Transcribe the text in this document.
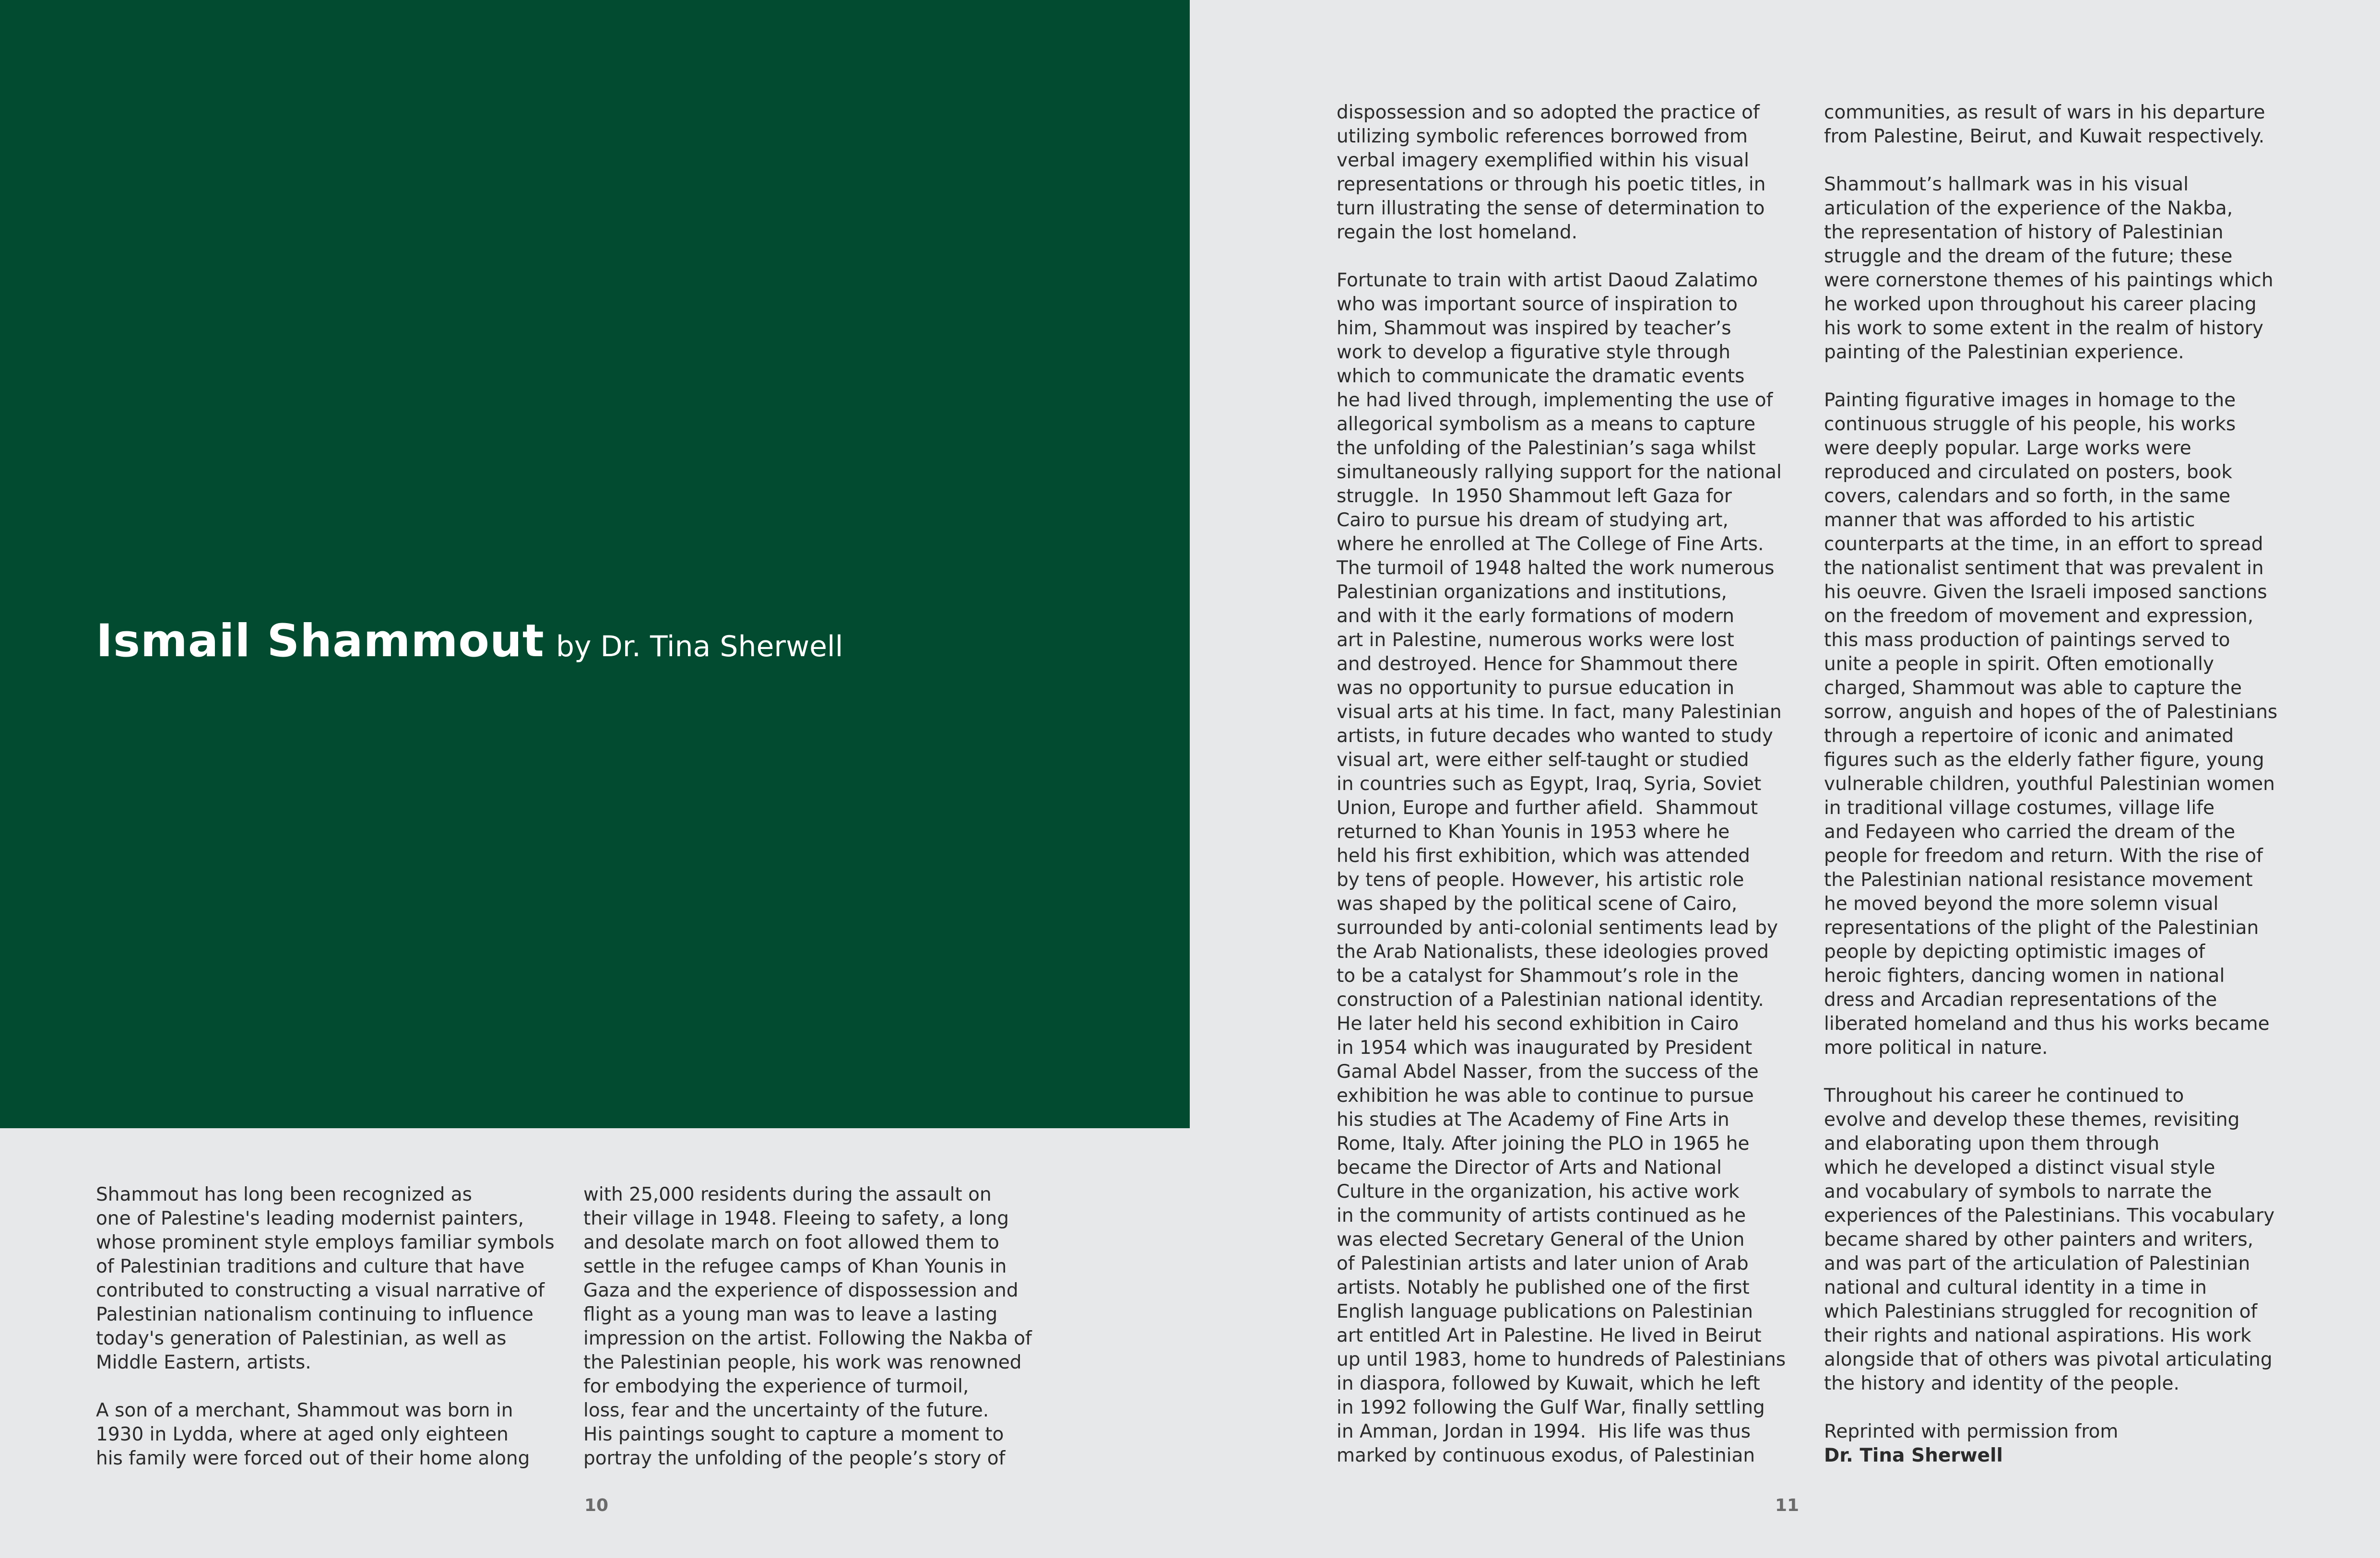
Ismail Shammout by Dr. Tina Sherwell

Shammout has long been recognized as
one of Palestine's leading modernist painters,
whose prominent style employs familiar symbols
of Palestinian traditions and culture that have
contributed to constructing a visual narrative of
Palestinian nationalism continuing to influence
today's generation of Palestinian, as well as
Middle Eastern, artists.

A son of a merchant, Shammout was born in
1930 in Lydda, where at aged only eighteen
his family were forced out of their home along

with 25,000 residents during the assault on
their village in 1948. Fleeing to safety, a long
and desolate march on foot allowed them to
settle in the refugee camps of Khan Younis in
Gaza and the experience of dispossession and
flight as a young man was to leave a lasting
impression on the artist. Following the Nakba of
the Palestinian people, his work was renowned
for embodying the experience of turmoil,
loss, fear and the uncertainty of the future.
His paintings sought to capture a moment to
portray the unfolding of the people’s story of

dispossession and so adopted the practice of
utilizing symbolic references borrowed from
verbal imagery exemplified within his visual
representations or through his poetic titles, in
turn illustrating the sense of determination to
regain the lost homeland.

Fortunate to train with artist Daoud Zalatimo
who was important source of inspiration to
him, Shammout was inspired by teacher’s
work to develop a figurative style through
which to communicate the dramatic events
he had lived through, implementing the use of
allegorical symbolism as a means to capture
the unfolding of the Palestinian’s saga whilst
simultaneously rallying support for the national
struggle.  In 1950 Shammout left Gaza for
Cairo to pursue his dream of studying art,
where he enrolled at The College of Fine Arts.
The turmoil of 1948 halted the work numerous
Palestinian organizations and institutions,
and with it the early formations of modern
art in Palestine, numerous works were lost
and destroyed. Hence for Shammout there
was no opportunity to pursue education in
visual arts at his time. In fact, many Palestinian
artists, in future decades who wanted to study
visual art, were either self-taught or studied
in countries such as Egypt, Iraq, Syria, Soviet
Union, Europe and further afield.  Shammout
returned to Khan Younis in 1953 where he
held his first exhibition, which was attended
by tens of people. However, his artistic role
was shaped by the political scene of Cairo,
surrounded by anti-colonial sentiments lead by
the Arab Nationalists, these ideologies proved
to be a catalyst for Shammout’s role in the
construction of a Palestinian national identity.
He later held his second exhibition in Cairo
in 1954 which was inaugurated by President
Gamal Abdel Nasser, from the success of the
exhibition he was able to continue to pursue
his studies at The Academy of Fine Arts in
Rome, Italy. After joining the PLO in 1965 he
became the Director of Arts and National
Culture in the organization, his active work
in the community of artists continued as he
was elected Secretary General of the Union
of Palestinian artists and later union of Arab
artists. Notably he published one of the first
English language publications on Palestinian
art entitled Art in Palestine. He lived in Beirut
up until 1983, home to hundreds of Palestinians
in diaspora, followed by Kuwait, which he left
in 1992 following the Gulf War, finally settling
in Amman, Jordan in 1994.  His life was thus
marked by continuous exodus, of Palestinian

communities, as result of wars in his departure
from Palestine, Beirut, and Kuwait respectively.

Shammout’s hallmark was in his visual
articulation of the experience of the Nakba,
the representation of history of Palestinian
struggle and the dream of the future; these
were cornerstone themes of his paintings which
he worked upon throughout his career placing
his work to some extent in the realm of history
painting of the Palestinian experience.

Painting figurative images in homage to the
continuous struggle of his people, his works
were deeply popular. Large works were
reproduced and circulated on posters, book
covers, calendars and so forth, in the same
manner that was afforded to his artistic
counterparts at the time, in an effort to spread
the nationalist sentiment that was prevalent in
his oeuvre. Given the Israeli imposed sanctions
on the freedom of movement and expression,
this mass production of paintings served to
unite a people in spirit. Often emotionally
charged, Shammout was able to capture the
sorrow, anguish and hopes of the of Palestinians
through a repertoire of iconic and animated
figures such as the elderly father figure, young
vulnerable children, youthful Palestinian women
in traditional village costumes, village life
and Fedayeen who carried the dream of the
people for freedom and return. With the rise of
the Palestinian national resistance movement
he moved beyond the more solemn visual
representations of the plight of the Palestinian
people by depicting optimistic images of
heroic fighters, dancing women in national
dress and Arcadian representations of the
liberated homeland and thus his works became
more political in nature.

Throughout his career he continued to
evolve and develop these themes, revisiting
and elaborating upon them through
which he developed a distinct visual style
and vocabulary of symbols to narrate the
experiences of the Palestinians. This vocabulary
became shared by other painters and writers,
and was part of the articulation of Palestinian
national and cultural identity in a time in
which Palestinians struggled for recognition of
their rights and national aspirations. His work
alongside that of others was pivotal articulating
the history and identity of the people.

Reprinted with permission from

Dr. Tina Sherwell

10	11
